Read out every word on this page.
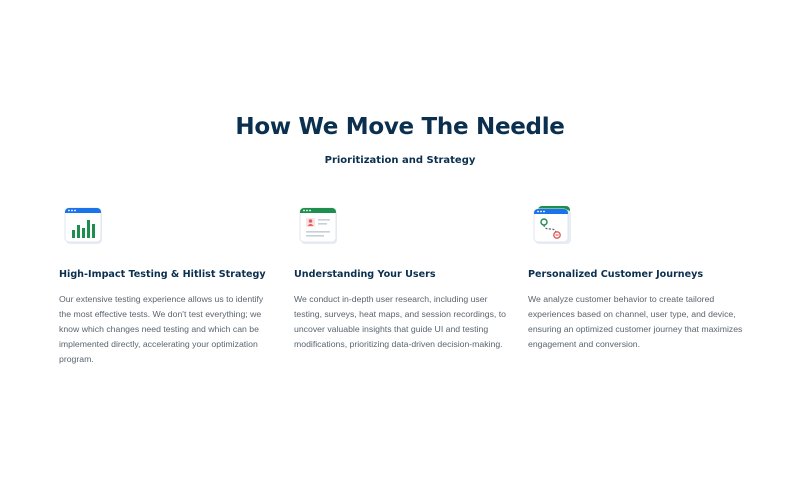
How We Move The Needle
Prioritization and Strategy
High-Impact Testing & Hitlist Strategy

Our extensive testing experience allows us to identify the most effective tests. We don't test everything; we know which changes need testing and which can be implemented directly, accelerating your optimization program.

Understanding Your Users

We conduct in-depth user research, including user testing, surveys, heat maps, and session recordings, to uncover valuable insights that guide UI and testing modifications, prioritizing data-driven decision-making.

Personalized Customer Journeys

We analyze customer behavior to create tailored experiences based on channel, user type, and device, ensuring an optimized customer journey that maximizes engagement and conversion.
